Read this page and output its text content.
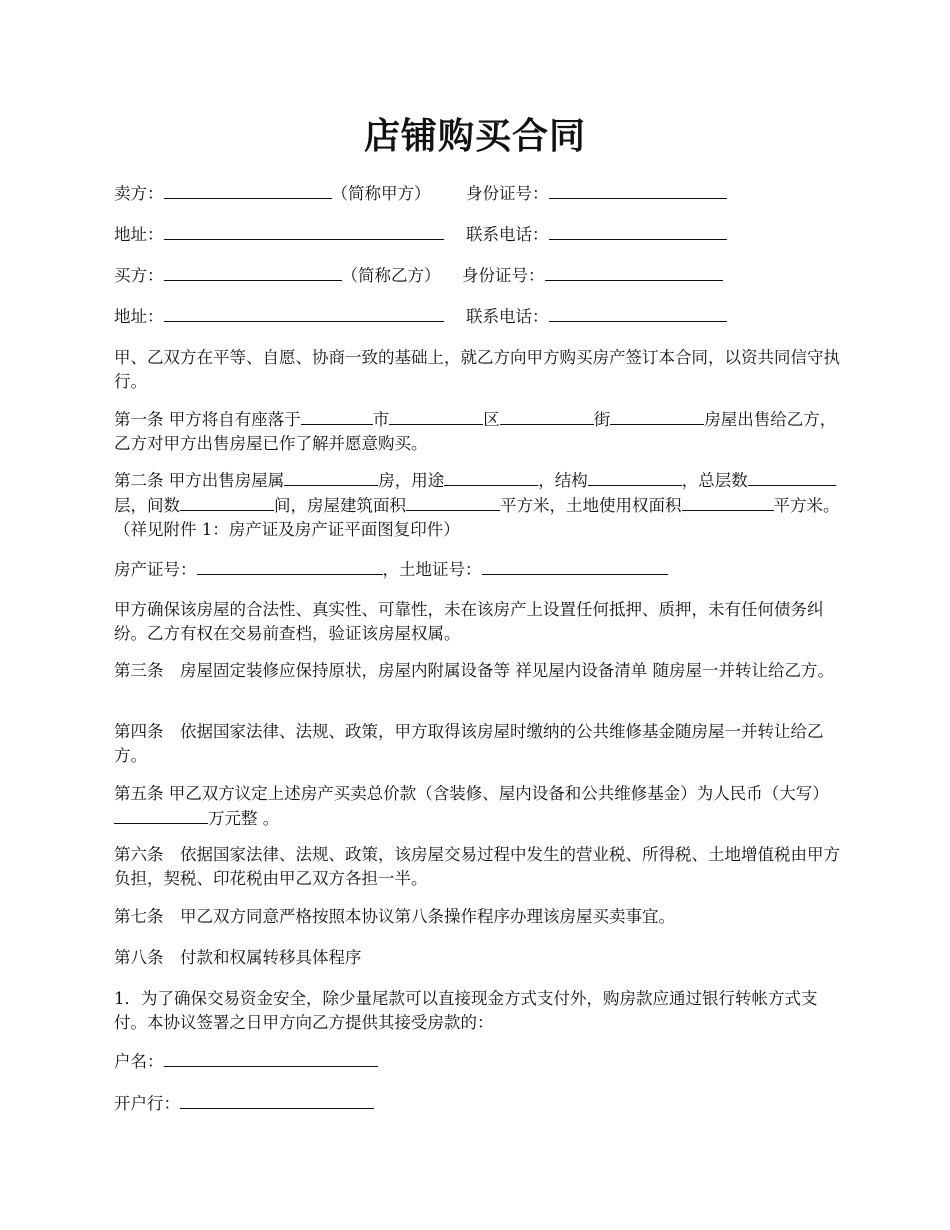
店铺购买合同
卖方：	（简称甲方） 身份证号：
地址：	联系电话：
买方：	（简称乙方） 身份证号：
地址：	联系电话：
甲、乙双方在平等、自愿、协商一致的基础上，就乙方向甲方购买房产签订本合同，以资共同信守执行。
第一条 甲方将自有座落于	市	区	街	房屋出售给乙方，乙方对甲方出售房屋已作了解并愿意购买。
第二条 甲方出售房屋属	房，用途	，结构	，总层数层，间数	间，房屋建筑面积	平方米，土地使用权面积	平方米。（祥见附件 1：房产证及房产证平面图复印件）
房产证号：	，土地证号：
甲方确保该房屋的合法性、真实性、可靠性，未在该房产上设置任何抵押、质押，未有任何债务纠纷。乙方有权在交易前查档，验证该房屋权属。
第三条　房屋固定装修应保持原状，房屋内附属设备等 祥见屋内设备清单 随房屋一并转让给乙方。
第四条　依据国家法律、法规、政策，甲方取得该房屋时缴纳的公共维修基金随房屋一并转让给乙方。
第五条 甲乙双方议定上述房产买卖总价款（含装修、屋内设备和公共维修基金）为人民币（大写）万元整 。
第六条　依据国家法律、法规、政策，该房屋交易过程中发生的营业税、所得税、土地增值税由甲方负担，契税、印花税由甲乙双方各担一半。
第七条　甲乙双方同意严格按照本协议第八条操作程序办理该房屋买卖事宜。
第八条　付款和权属转移具体程序
1．为了确保交易资金安全，除少量尾款可以直接现金方式支付外，购房款应通过银行转帐方式支付。本协议签署之日甲方向乙方提供其接受房款的：
户名：
开户行：
